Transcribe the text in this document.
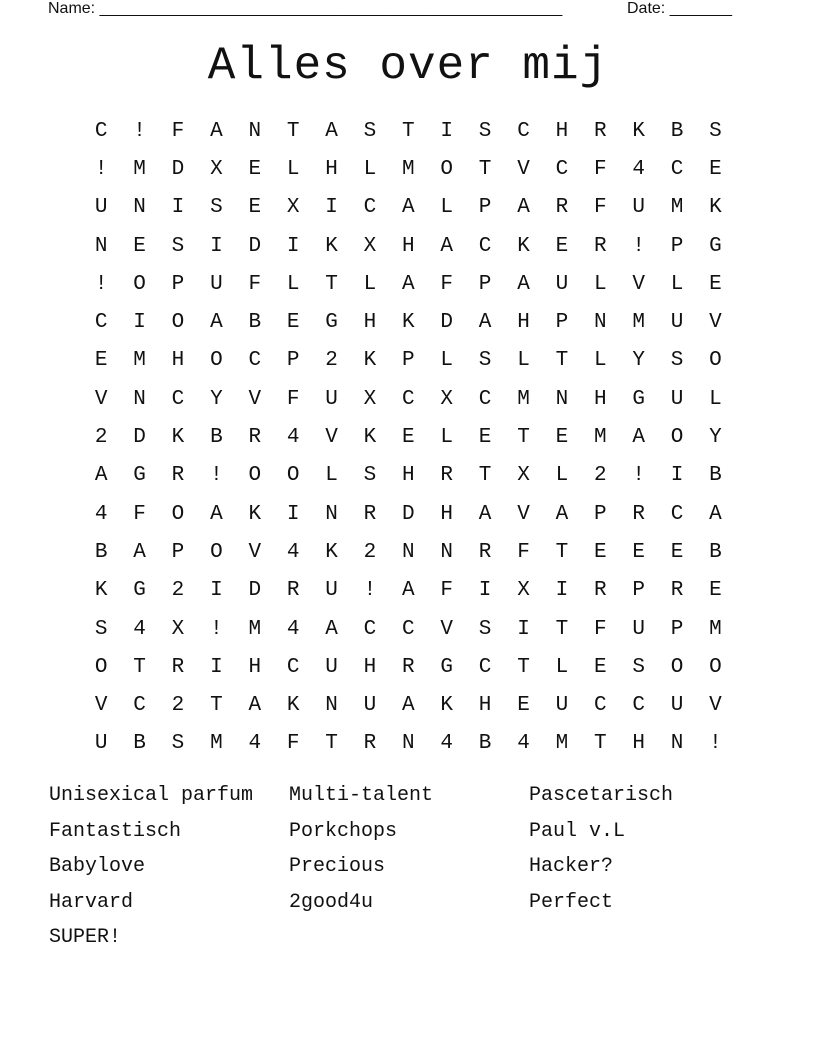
Name: ____________________________________________________	Date: _______
Alles over mij
C	!	F	A	N	T	A	S	T	I	S	C	H	R	K	B	S
!	M	D	X	E	L	H	L	M	O	T	V	C	F	4	C	E
U	N	I	S	E	X	I	C	A	L	P	A	R	F	U	M	K
N	E	S	I	D	I	K	X	H	A	C	K	E	R	!	P	G
!	O	P	U	F	L	T	L	A	F	P	A	U	L	V	L	E
C	I	O	A	B	E	G	H	K	D	A	H	P	N	M	U	V
E	M	H	O	C	P	2	K	P	L	S	L	T	L	Y	S	O
V	N	C	Y	V	F	U	X	C	X	C	M	N	H	G	U	L
2	D	K	B	R	4	V	K	E	L	E	T	E	M	A	O	Y
A	G	R	!	O	O	L	S	H	R	T	X	L	2	!	I	B
4	F	O	A	K	I	N	R	D	H	A	V	A	P	R	C	A
B	A	P	O	V	4	K	2	N	N	R	F	T	E	E	E	B
K	G	2	I	D	R	U	!	A	F	I	X	I	R	P	R	E
S	4	X	!	M	4	A	C	C	V	S	I	T	F	U	P	M
O	T	R	I	H	C	U	H	R	G	C	T	L	E	S	O	O
V	C	2	T	A	K	N	U	A	K	H	E	U	C	C	U	V
U	B	S	M	4	F	T	R	N	4	B	4	M	T	H	N	!
Unisexical parfum	Multi-talent	Pascetarisch
Fantastisch	Porkchops	Paul v.L
Babylove	Precious	Hacker?
Harvard	2good4u	Perfect
SUPER!
